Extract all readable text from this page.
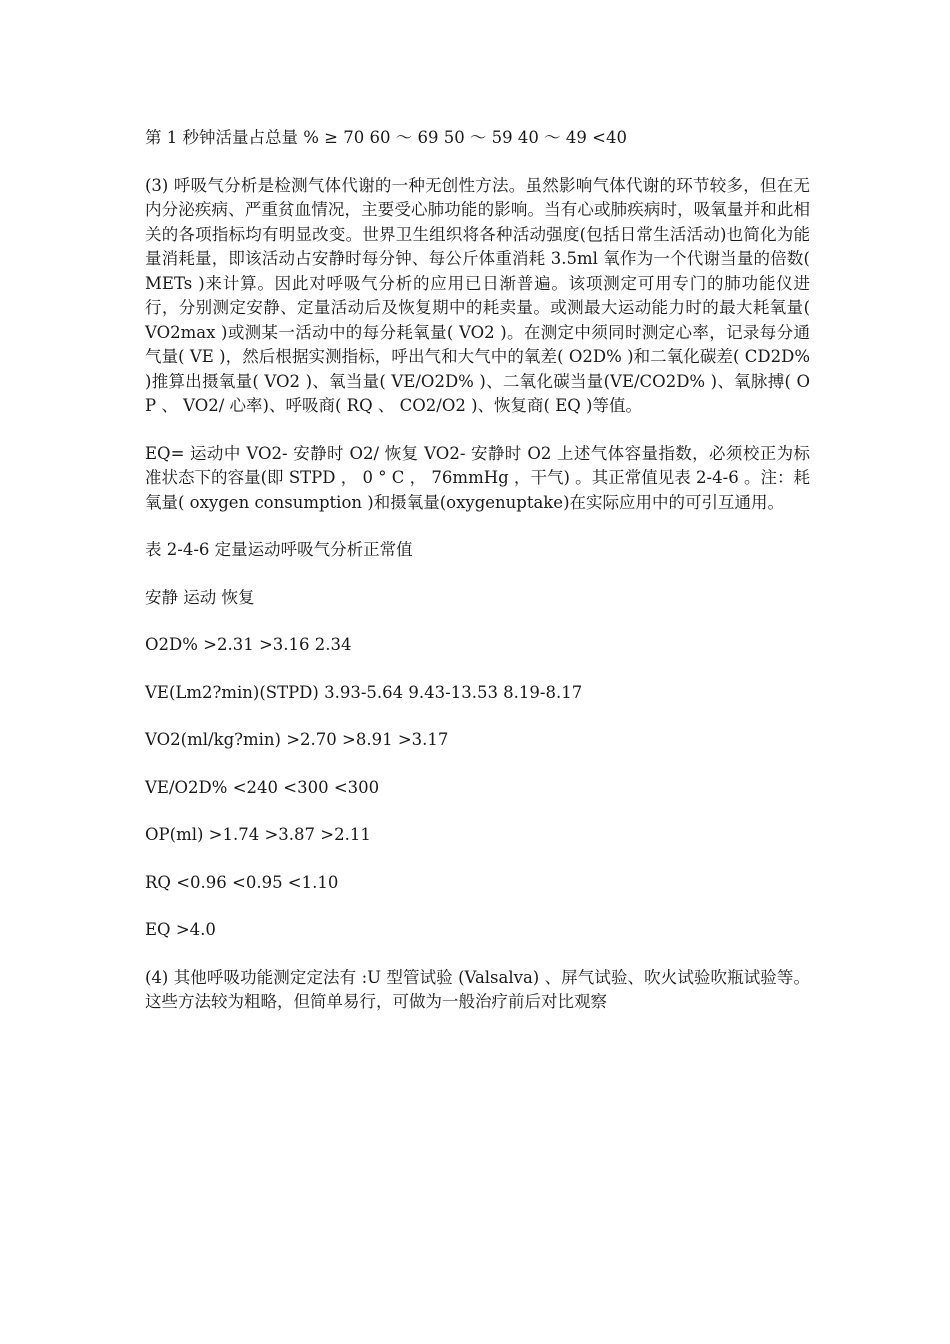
第 1 秒钟活量占总量 % ≥ 70 60 ～ 69 50 ～ 59 40 ～ 49 <40

(3) 呼吸气分析是检测气体代谢的一种无创性方法。虽然影响气体代谢的环节较多，但在无内分泌疾病、严重贫血情况，主要受心肺功能的影响。当有心或肺疾病时，吸氧量并和此相关的各项指标均有明显改变。世界卫生组织将各种活动强度(包括日常生活活动)也简化为能量消耗量，即该活动占安静时每分钟、每公斤体重消耗 3.5ml 氧作为一个代谢当量的倍数( METs )来计算。因此对呼吸气分析的应用已日渐普遍。该项测定可用专门的肺功能仪进行，分别测定安静、定量活动后及恢复期中的耗卖量。或测最大运动能力时的最大耗氧量( VO2max )或测某一活动中的每分耗氧量( VO2 )。在测定中须同时测定心率，记录每分通气量( VE )，然后根据实测指标，呼出气和大气中的氧差( O2D% )和二氧化碳差( CD2D% )推算出摄氧量( VO2 )、氧当量( VE/O2D% )、二氧化碳当量(VE/CO2D% )、氧脉搏( OP 、 VO2/ 心率)、呼吸商( RQ 、 CO2/O2 )、恢复商( EQ )等值。

EQ= 运动中 VO2- 安静时 O2/ 恢复 VO2- 安静时 O2 上述气体容量指数，必须校正为标准状态下的容量(即 STPD ， 0 ° C ， 76mmHg ，干气) 。其正常值见表 2-4-6 。注：耗氧量( oxygen consumption )和摄氧量(oxygenuptake)在实际应用中的可引互通用。

表 2-4-6 定量运动呼吸气分析正常值

安静 运动 恢复

O2D% >2.31 >3.16 2.34

VE(Lm2?min)(STPD) 3.93-5.64 9.43-13.53 8.19-8.17

VO2(ml/kg?min) >2.70 >8.91 >3.17

VE/O2D% <240 <300 <300

OP(ml) >1.74 >3.87 >2.11

RQ <0.96 <0.95 <1.10

EQ >4.0

(4) 其他呼吸功能测定定法有 :U 型管试验 (Valsalva) 、屏气试验、吹火试验吹瓶试验等。这些方法较为粗略，但简单易行，可做为一般治疗前后对比观察
